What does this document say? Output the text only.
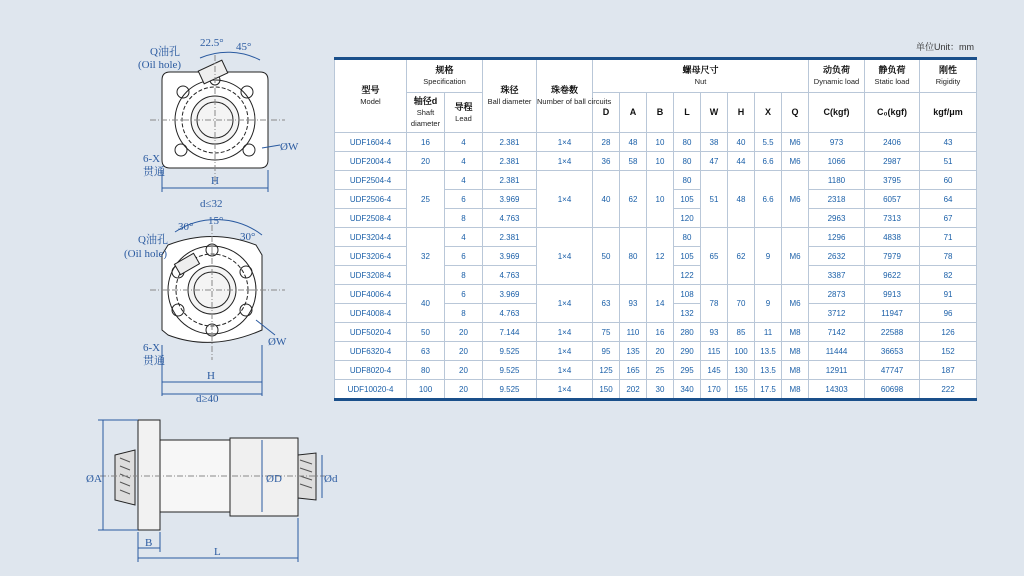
22.5° 45°
Q油孔
(Oil hole)
6-X
贯通
ØW
H
d≤32
30° 15°
30°
Q油孔
(Oil hole)
6-X
贯通
ØW
H
d≥40
ØA	ØD	Ød
B
L
单位Unit：mm
型号
Model	规格
Specification		珠径
Ball diameter	珠卷数
Number of ball circuits	螺母尺寸
Nut								动负荷
Dynamic load	静负荷
Static load	刚性
Rigidity

	轴径d
Shaft diameter	导程
Lead			D	A	B	L	W	H	X	Q	C(kgf)	C₀(kgf)	kgf/μm
UDF1604-4	16	4	2.381	1×4	28	48	10	80	38	40	5.5	M6	973	2406	43
UDF2004-4	20	4	2.381	1×4	36	58	10	80	47	44	6.6	M6	1066	2987	51
UDF2504-4	25	4	2.381	1×4	40	62	10	80	51	48	6.6	M6	1180	3795	60
UDF2506-4		6	3.969					105					2318	6057	64
UDF2508-4		8	4.763					120					2963	7313	67
UDF3204-4	32	4	2.381	1×4	50	80	12	80	65	62	9	M6	1296	4838	71
UDF3206-4		6	3.969					105					2632	7979	78
UDF3208-4		8	4.763					122					3387	9622	82
UDF4006-4	40	6	3.969	1×4	63	93	14	108	78	70	9	M6	2873	9913	91
UDF4008-4		8	4.763					132					3712	11947	96
UDF5020-4	50	20	7.144	1×4	75	110	16	280	93	85	11	M8	7142	22588	126
UDF6320-4	63	20	9.525	1×4	95	135	20	290	115	100	13.5	M8	11444	36653	152
UDF8020-4	80	20	9.525	1×4	125	165	25	295	145	130	13.5	M8	12911	47747	187
UDF10020-4	100	20	9.525	1×4	150	202	30	340	170	155	17.5	M8	14303	60698	222
